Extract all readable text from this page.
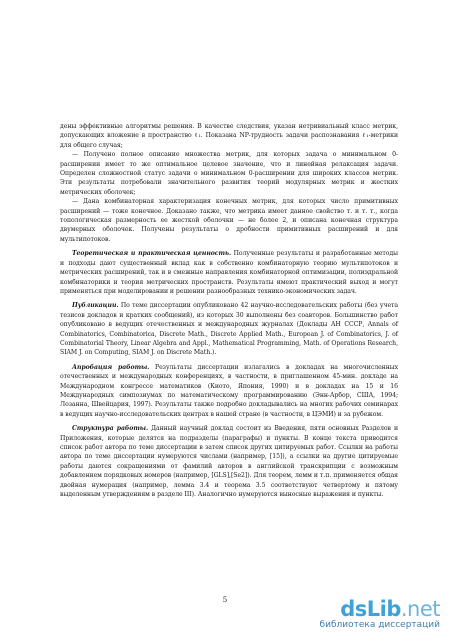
дены эффективные алгоритмы решения. В качестве следствия, указан нетривиальный класс метрик, допускающих вложение в пространство ℓ₁. Показана NP-трудность задачи распознавания ℓ₁-метрики для общего случая;

— Получено полное описание множества метрик, для которых задача о минимальном 0-расширении имеет то же оптимальное целевое значение, что и линейная релаксация задачи. Определен сложностной статус задачи о минимальном 0-расширении для широких классов метрик. Эти результаты потребовали значительного развития теорий модулярных метрик и жестких метрических оболочек;

— Дана комбинаторная характеризация конечных метрик, для которых число примитивных расширений — тоже конечное. Доказано также, что метрика имеет данное свойство т. и т. т., когда топологическая размерность ее жесткой оболочки — не более 2, и описана конечная структура двумерных оболочек. Получены результаты о дробности примитивных расширений и для мультипотоков.

Теоретическая и практическая ценность. Полученные результаты и разработанные методы и подходы дают существенный вклад как в собственно комбинаторную теорию мультипотоков и метрических расширений, так и в смежные направления комбинаторной оптимизации, полиэдральной комбинаторики и теория метрических пространств. Результаты имеют практический выход и могут применяться при моделировании и решении разнообразных технико-экономических задач.

Публикации. По теме диссертации опубликовано 42 научно-исследовательских работы (без учета тезисов докладов и кратких сообщений), из которых 30 выполнены без соавторов. Большинство работ опубликовано в ведущих отечественных и международных журналах (Доклады АН СССР, Annals of Combinatorics, Combinatorica, Discrete Math., Discrete Applied Math., European J. of Combinatorics, J. of Combinatorial Theory, Linear Algebra and Appl., Mathematical Programming, Math. of Operations Research, SIAM J. on Computing, SIAM J. on Discrete Math.).

Апробация работы. Результаты диссертации излагались в докладах на многочисленных отечественных и международных конференциях, в частности, в приглашенном 45-мин. докладе на Международном конгрессе математиков (Киото, Япония, 1990) и в докладах на 15 и 16 Международных симпозиумах по математическому программированию (Энн-Арбор, США, 1994; Лозанна, Швейцария, 1997). Результаты также подробно докладывались на многих рабочих семинарах в ведущих научно-исследовательских центрах в нашей стране (в частности, в ЦЭМИ) и за рубежом.

Структура работы. Данный научный доклад состоит из Введения, пяти основных Разделов и Приложения, которые делятся на подразделы (параграфы) и пункты. В конце текста приводится список работ автора по теме диссертации в затем список других цитируемых работ. Ссылки на работы автора по теме диссертации нумеруются числами (например, [15]), а ссылки на другие цитируемые работы даются сокращениями от фамилий авторов в английской транскрипции с возможным добавлением порядковых номеров (например, [GLS],[Se2]). Для теорем, лемм и т.п. применяется общая двойная нумерация (например, лемма 3.4 и теорема 3.5 соответствуют четвертому и пятому выделенным утверждениям в разделе III). Аналогично нумеруются выносные выражения и пункты.

5	dsLib.net
библиотека диссертаций
